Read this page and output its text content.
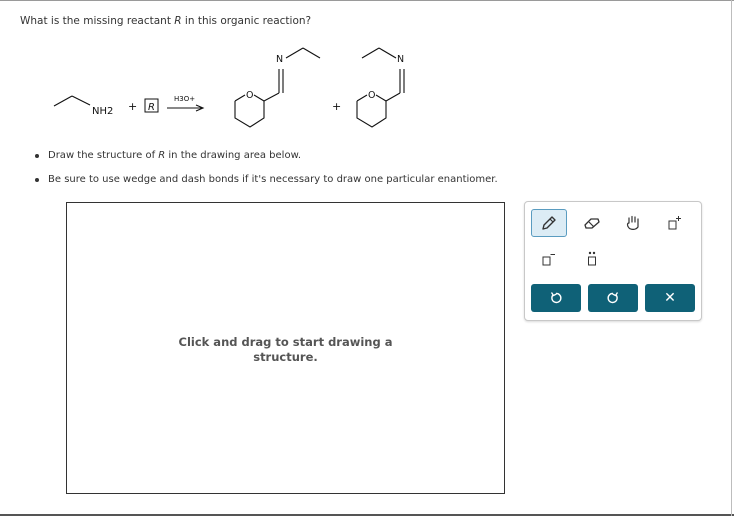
What is the missing reactant R in this organic reaction?
NH2 + R
H3O+
+
N
O
N
O
Draw the structure of R in the drawing area below.
Be sure to use wedge and dash bonds if it's necessary to draw one particular enantiomer.
Click and drag to start drawing a
structure.
✕
